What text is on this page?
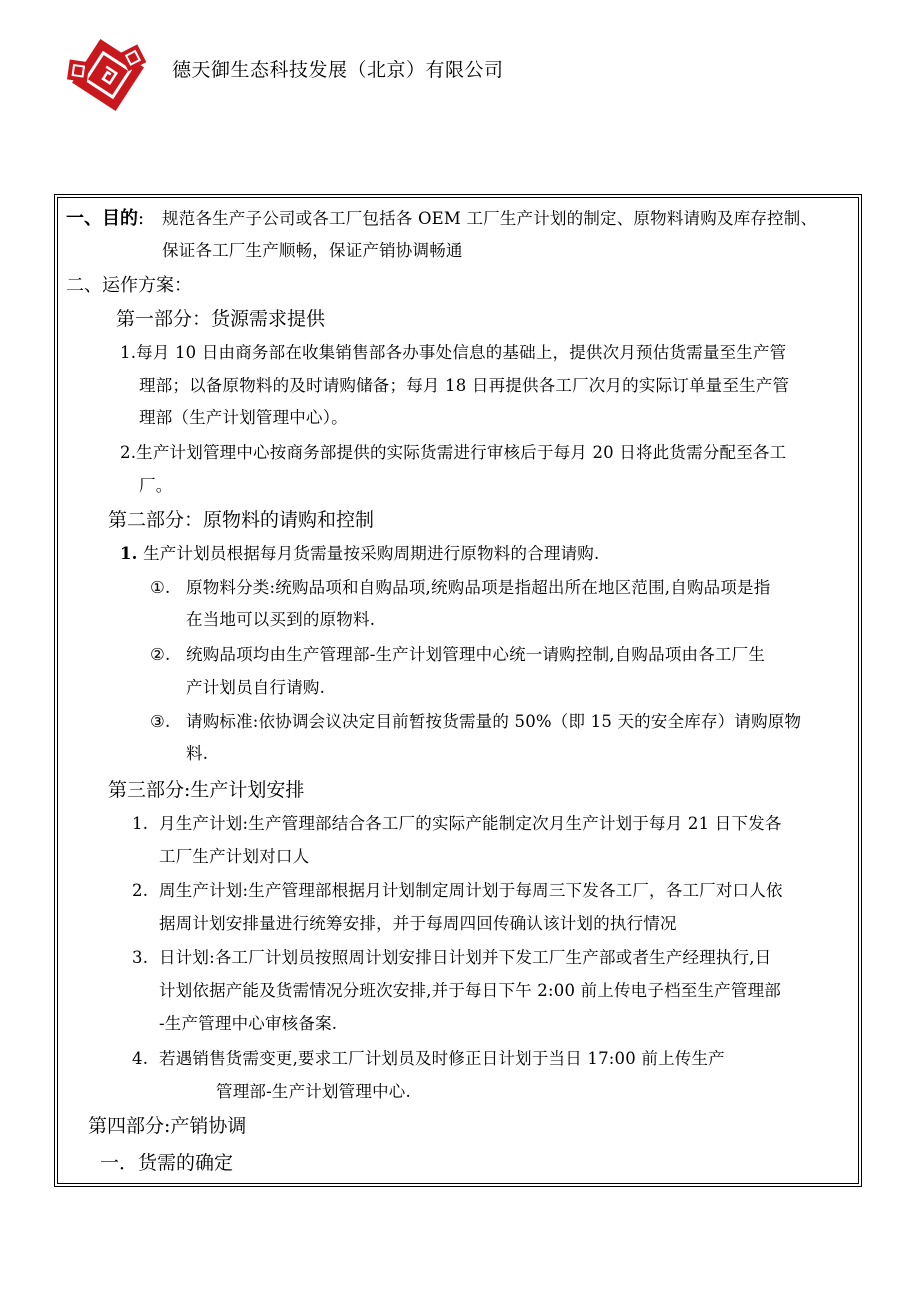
德天御生态科技发展（北京）有限公司
一、目的: 规范各生产子公司或各工厂包括各 OEM 工厂生产计划的制定、原物料请购及库存控制、
保证各工厂生产顺畅，保证产销协调畅通
二、运作方案：
第一部分：货源需求提供
1.每月 10 日由商务部在收集销售部各办事处信息的基础上，提供次月预估货需量至生产管
理部；以备原物料的及时请购储备；每月 18 日再提供各工厂次月的实际订单量至生产管
理部（生产计划管理中心）。
2.生产计划管理中心按商务部提供的实际货需进行审核后于每月 20 日将此货需分配至各工
厂。
第二部分：原物料的请购和控制
1. 生产计划员根据每月货需量按采购周期进行原物料的合理请购.
①. 原物料分类:统购品项和自购品项,统购品项是指超出所在地区范围,自购品项是指
在当地可以买到的原物料.
②. 统购品项均由生产管理部-生产计划管理中心统一请购控制,自购品项由各工厂生
产计划员自行请购.
③. 请购标准:依协调会议决定目前暂按货需量的 50%（即 15 天的安全库存）请购原物
料.
第三部分:生产计划安排
1. 月生产计划:生产管理部结合各工厂的实际产能制定次月生产计划于每月 21 日下发各
工厂生产计划对口人
2. 周生产计划:生产管理部根据月计划制定周计划于每周三下发各工厂，各工厂对口人依
据周计划安排量进行统筹安排，并于每周四回传确认该计划的执行情况
3. 日计划:各工厂计划员按照周计划安排日计划并下发工厂生产部或者生产经理执行,日
计划依据产能及货需情况分班次安排,并于每日下午 2:00 前上传电子档至生产管理部
-生产管理中心审核备案.
4. 若遇销售货需变更,要求工厂计划员及时修正日计划于当日 17:00 前上传生产
管理部-生产计划管理中心.
第四部分:产销协调
一．货需的确定
